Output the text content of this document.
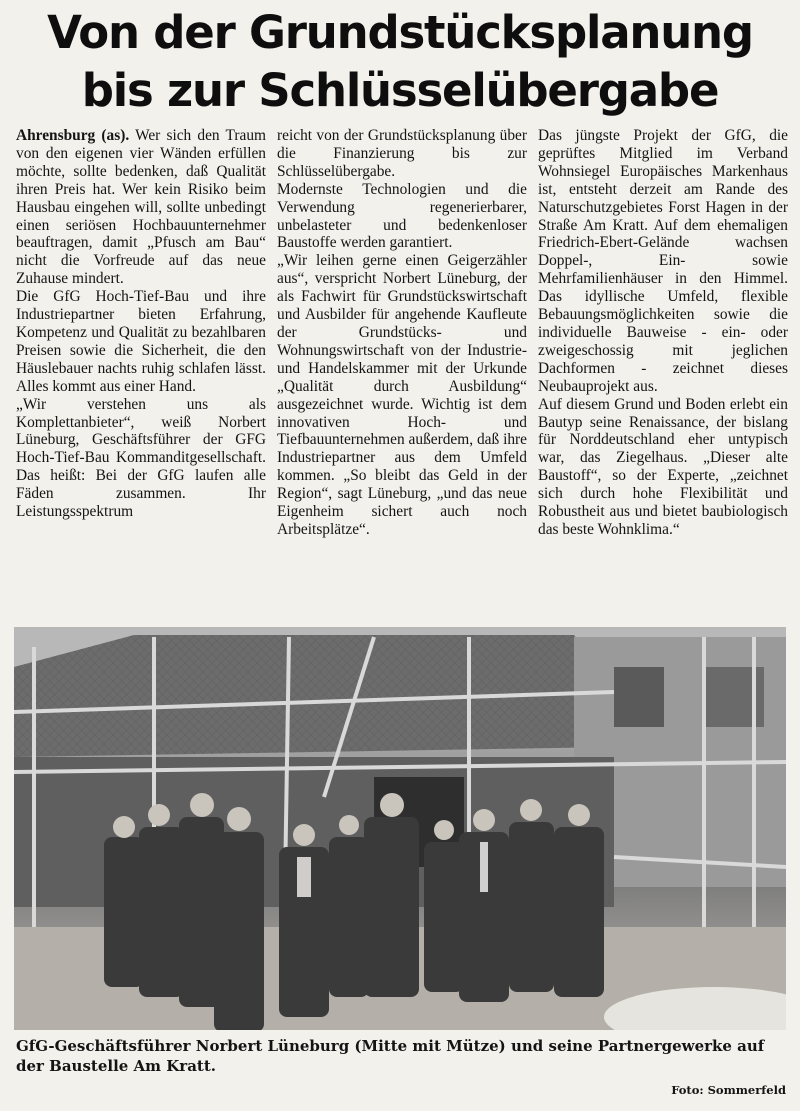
Von der Grundstücksplanung
bis zur Schlüsselübergabe

Ahrensburg (as). Wer sich den Traum von den eigenen vier Wänden erfüllen möchte, sollte bedenken, daß Qualität ihren Preis hat. Wer kein Risiko beim Hausbau eingehen will, sollte unbedingt einen seriösen Hochbauunternehmer beauftragen, damit „Pfusch am Bau“ nicht die Vorfreude auf das neue Zuhause mindert.

Die GfG Hoch-Tief-Bau und ihre Industriepartner bieten Erfahrung, Kompetenz und Qualität zu bezahlbaren Preisen sowie die Sicherheit, die den Häuslebauer nachts ruhig schlafen lässt. Alles kommt aus einer Hand.

„Wir verstehen uns als Komplettanbieter“, weiß Norbert Lüneburg, Geschäftsführer der GFG Hoch-Tief-Bau Kommanditgesellschaft. Das heißt: Bei der GfG laufen alle Fäden zusammen. Ihr Leistungsspektrum

reicht von der Grundstücksplanung über die Finanzierung bis zur Schlüsselübergabe.

Modernste Technologien und die Verwendung regenerierbarer, unbelasteter und bedenkenloser Baustoffe werden garantiert.

„Wir leihen gerne einen Geigerzähler aus“, verspricht Norbert Lüneburg, der als Fachwirt für Grundstückswirtschaft und Ausbilder für angehende Kaufleute der Grundstücks- und Wohnungswirtschaft von der Industrie- und Handelskammer mit der Urkunde „Qualität durch Ausbildung“ ausgezeichnet wurde. Wichtig ist dem innovativen Hoch- und Tiefbauunternehmen außerdem, daß ihre Industriepartner aus dem Umfeld kommen. „So bleibt das Geld in der Region“, sagt Lüneburg, „und das neue Eigenheim sichert auch noch Arbeitsplätze“.

Das jüngste Projekt der GfG, die geprüftes Mitglied im Verband Wohnsiegel Europäisches Markenhaus ist, entsteht derzeit am Rande des Naturschutzgebietes Forst Hagen in der Straße Am Kratt. Auf dem ehemaligen Friedrich-Ebert-Gelände wachsen Doppel-, Ein- sowie Mehrfamilienhäuser in den Himmel. Das idyllische Umfeld, flexible Bebauungsmöglichkeiten sowie die individuelle Bauweise - ein- oder zweigeschossig mit jeglichen Dachformen - zeichnet dieses Neubauprojekt aus.

Auf diesem Grund und Boden erlebt ein Bautyp seine Renaissance, der bislang für Norddeutschland eher untypisch war, das Ziegelhaus. „Dieser alte Baustoff“, so der Experte, „zeichnet sich durch hohe Flexibilität und Robustheit aus und bietet baubiologisch das beste Wohnklima.“

GfG-Geschäftsführer Norbert Lüneburg (Mitte mit Mütze) und seine Partnergewerke auf der Baustelle Am Kratt.
Foto: Sommerfeld
